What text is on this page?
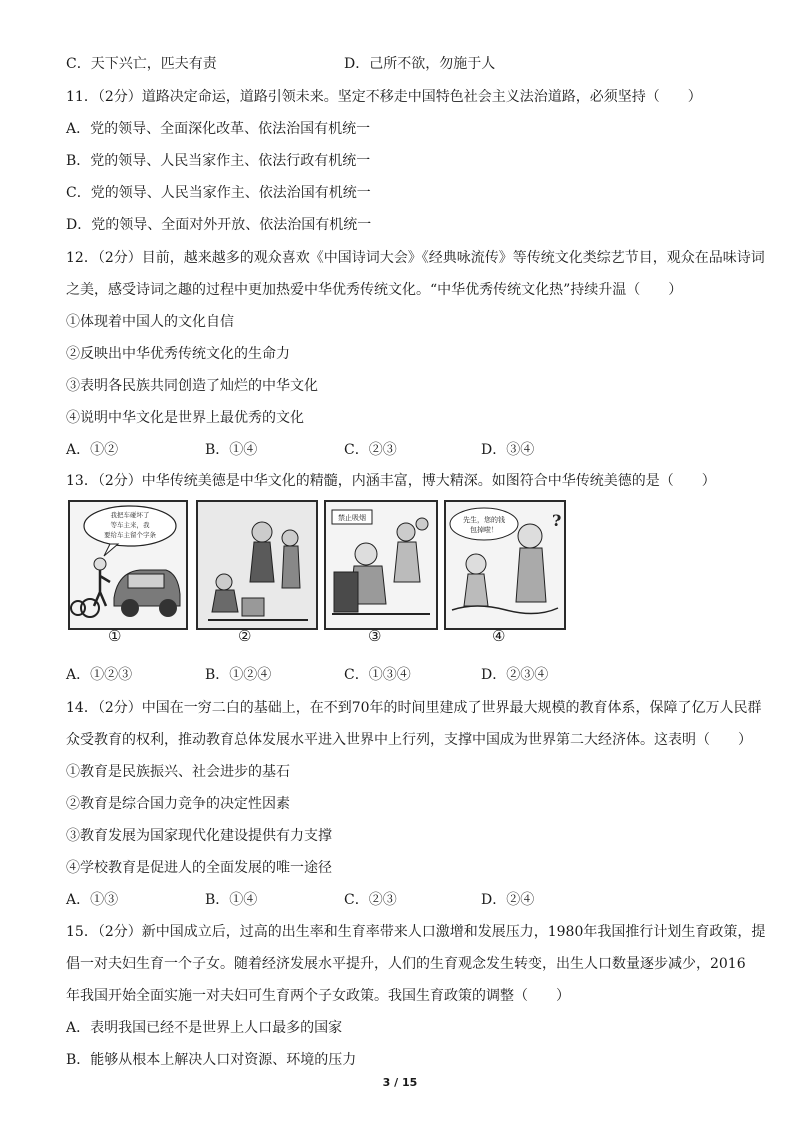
C．天下兴亡，匹夫有责	D．己所不欲，勿施于人
11．（2分）道路决定命运，道路引领未来。坚定不移走中国特色社会主义法治道路，必须坚持（　　）
A．党的领导、全面深化改革、依法治国有机统一
B．党的领导、人民当家作主、依法行政有机统一
C．党的领导、人民当家作主、依法治国有机统一
D．党的领导、全面对外开放、依法治国有机统一
12．（2分）目前，越来越多的观众喜欢《中国诗词大会》《经典咏流传》等传统文化类综艺节目，观众在品味诗词
之美，感受诗词之趣的过程中更加热爱中华优秀传统文化。“中华优秀传统文化热”持续升温（　　）
①体现着中国人的文化自信
②反映出中华优秀传统文化的生命力
③表明各民族共同创造了灿烂的中华文化
④说明中华文化是世界上最优秀的文化
A．①②	B．①④	C．②③	D．③④
13．（2分）中华传统美德是中华文化的精髓，内涵丰富，博大精深。如图符合中华传统美德的是（　　）
我把车碰坏了
等车主来，我
要给车主留个字条
①	②
禁止吸烟
③
先生，您的钱
包掉啦！	?
④
A．①②③	B．①②④	C．①③④	D．②③④
14．（2分）中国在一穷二白的基础上，在不到70年的时间里建成了世界最大规模的教育体系，保障了亿万人民群
众受教育的权利，推动教育总体发展水平进入世界中上行列，支撑中国成为世界第二大经济体。这表明（　　）
①教育是民族振兴、社会进步的基石
②教育是综合国力竞争的决定性因素
③教育发展为国家现代化建设提供有力支撑
④学校教育是促进人的全面发展的唯一途径
A．①③	B．①④	C．②③	D．②④
15．（2分）新中国成立后，过高的出生率和生育率带来人口激增和发展压力，1980年我国推行计划生育政策，提
倡一对夫妇生育一个子女。随着经济发展水平提升，人们的生育观念发生转变，出生人口数量逐步减少，2016
年我国开始全面实施一对夫妇可生育两个子女政策。我国生育政策的调整（　　）
A．表明我国已经不是世界上人口最多的国家
B．能够从根本上解决人口对资源、环境的压力
3 / 15
